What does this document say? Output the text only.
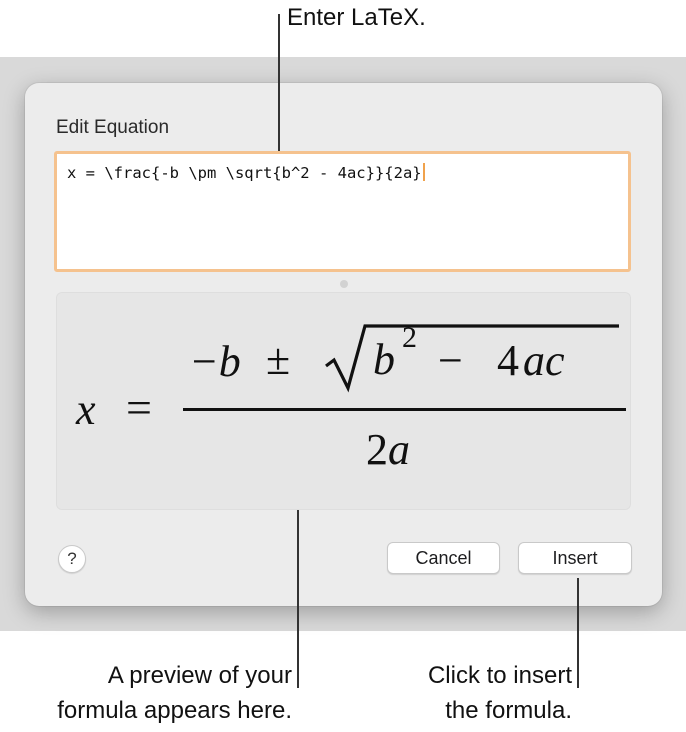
Edit Equation
x = \frac{-b \pm \sqrt{b^2 - 4ac}}{2a}
x =
−b ± b 2 − 4 ac
2 a
?	Cancel	Insert
Enter LaTeX.
A preview of your
formula appears here.
Click to insert
the formula.
